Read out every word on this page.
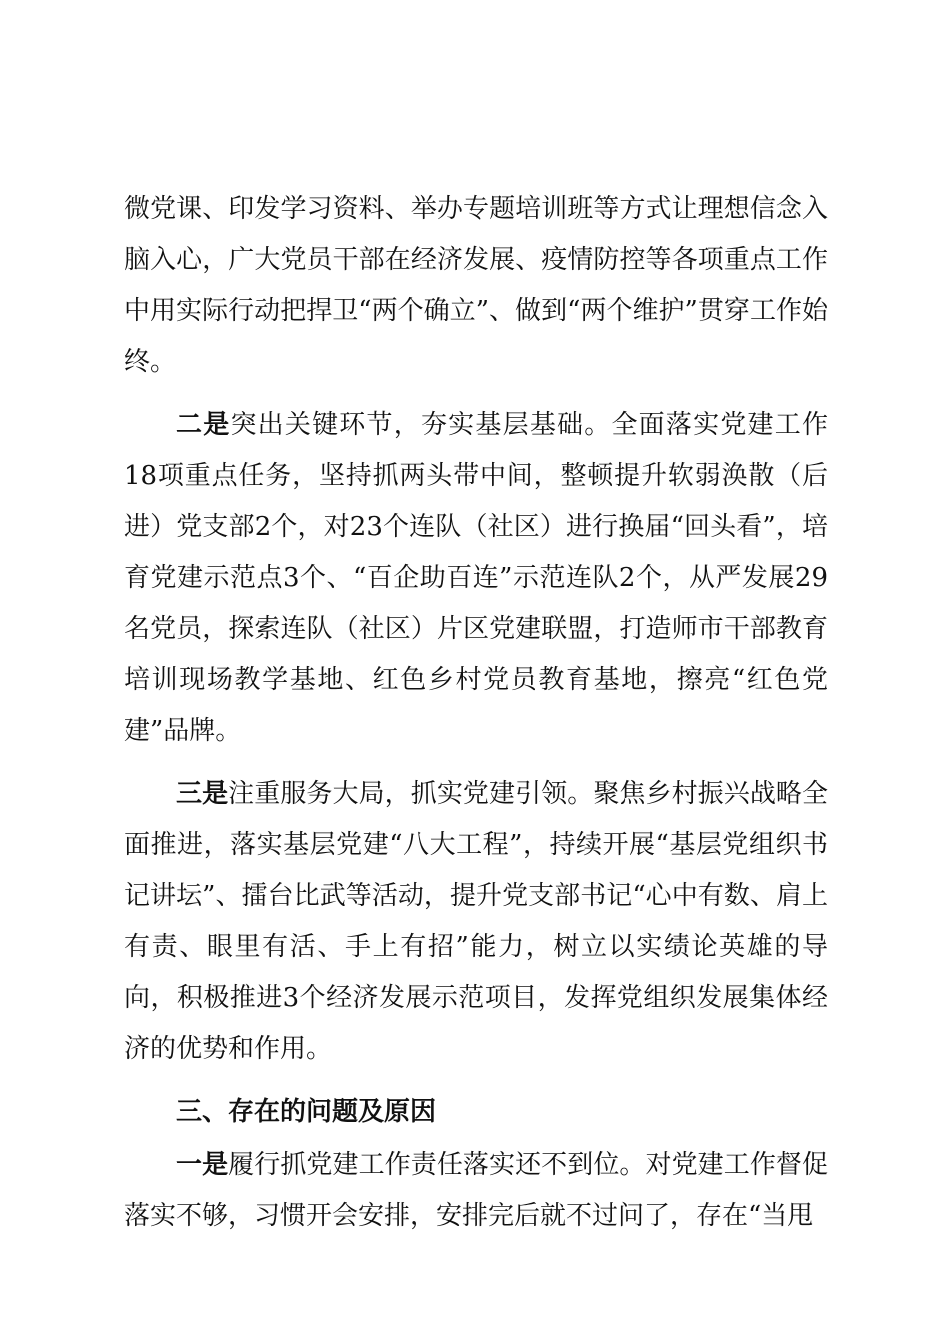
微党课、印发学习资料、举办专题培训班等方式让理想信念入脑入心，广大党员干部在经济发展、疫情防控等各项重点工作中用实际行动把捍卫“两个确立”、做到“两个维护”贯穿工作始终。

二是突出关键环节，夯实基层基础。全面落实党建工作18项重点任务，坚持抓两头带中间，整顿提升软弱涣散（后进）党支部2个，对23个连队（社区）进行换届“回头看”，培育党建示范点3个、“百企助百连”示范连队2个，从严发展29名党员，探索连队（社区）片区党建联盟，打造师市干部教育培训现场教学基地、红色乡村党员教育基地，擦亮“红色党建”品牌。

三是注重服务大局，抓实党建引领。聚焦乡村振兴战略全面推进，落实基层党建“八大工程”，持续开展“基层党组织书记讲坛”、擂台比武等活动，提升党支部书记“心中有数、肩上有责、眼里有活、手上有招”能力，树立以实绩论英雄的导向，积极推进3个经济发展示范项目，发挥党组织发展集体经济的优势和作用。

三、存在的问题及原因

一是履行抓党建工作责任落实还不到位。对党建工作督促落实不够，习惯开会安排，安排完后就不过问了，存在“当甩
